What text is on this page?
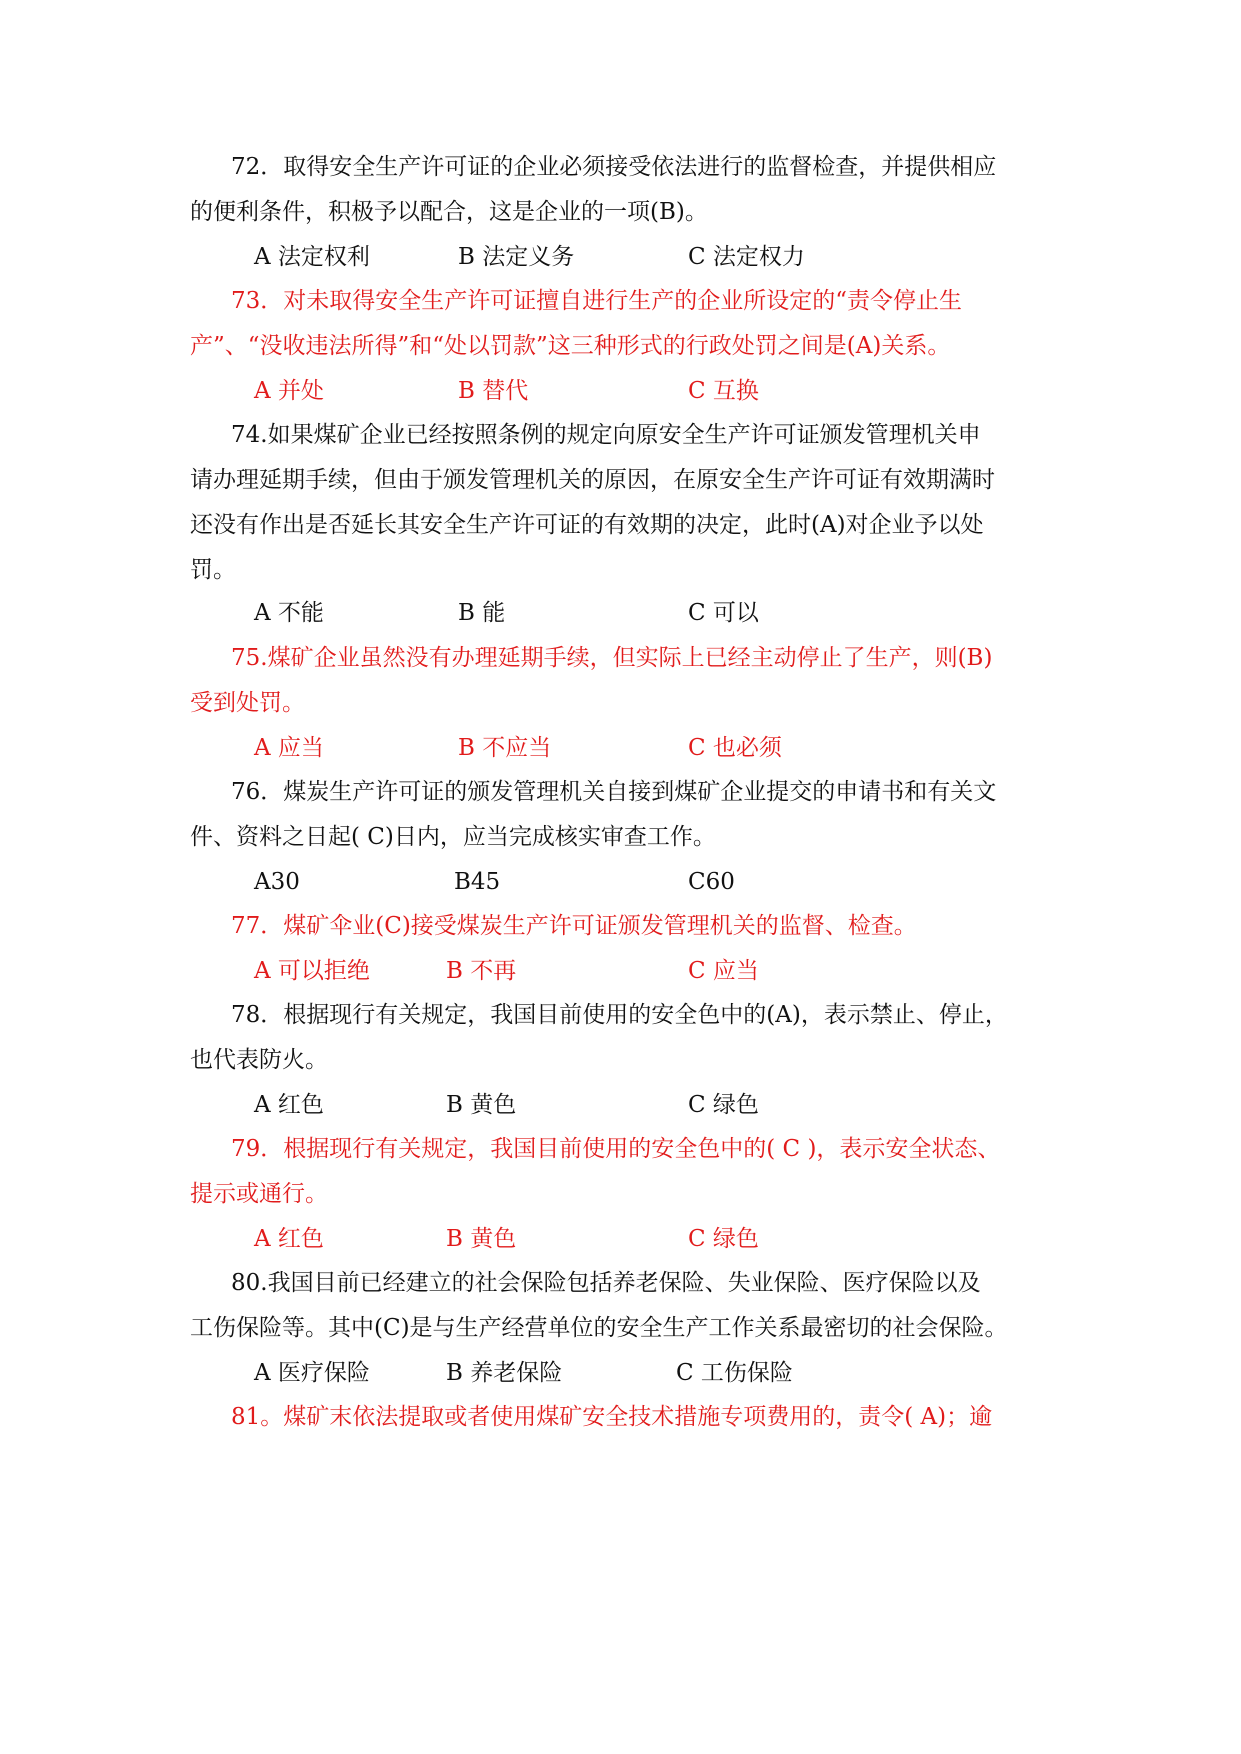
72．取得安全生产许可证的企业必须接受依法进行的监督检查，并提供相应
的便利条件，积极予以配合，这是企业的一项(B)。
A 法定权利	B 法定义务	C 法定权力
73．对未取得安全生产许可证擅自进行生产的企业所设定的“责令停止生
产”、“没收违法所得”和“处以罚款”这三种形式的行政处罚之间是(A)关系。
A 并处	B 替代	C 互换
74.如果煤矿企业已经按照条例的规定向原安全生产许可证颁发管理机关申
请办理延期手续，但由于颁发管理机关的原因，在原安全生产许可证有效期满时
还没有作出是否延长其安全生产许可证的有效期的决定，此时(A)对企业予以处
罚。
A 不能	B 能	C 可以
75.煤矿企业虽然没有办理延期手续，但实际上已经主动停止了生产，则(B)
受到处罚。
A 应当	B 不应当	C 也必须
76．煤炭生产许可证的颁发管理机关自接到煤矿企业提交的申请书和有关文
件、资料之日起( C)日内，应当完成核实审查工作。
A30	B45	C60
77．煤矿伞业(C)接受煤炭生产许可证颁发管理机关的监督、检查。
A 可以拒绝	B 不再	C 应当
78．根据现行有关规定，我国目前使用的安全色中的(A)，表示禁止、停止，
也代表防火。
A 红色	B 黄色	C 绿色
79．根据现行有关规定，我国目前使用的安全色中的( C )，表示安全状态、
提示或通行。
A 红色	B 黄色	C 绿色
80.我国目前已经建立的社会保险包括养老保险、失业保险、医疗保险以及
工伤保险等。其中(C)是与生产经营单位的安全生产工作关系最密切的社会保险。
A 医疗保险	B 养老保险	C 工伤保险
81。煤矿末依法提取或者使用煤矿安全技术措施专项费用的，责令( A)；逾
